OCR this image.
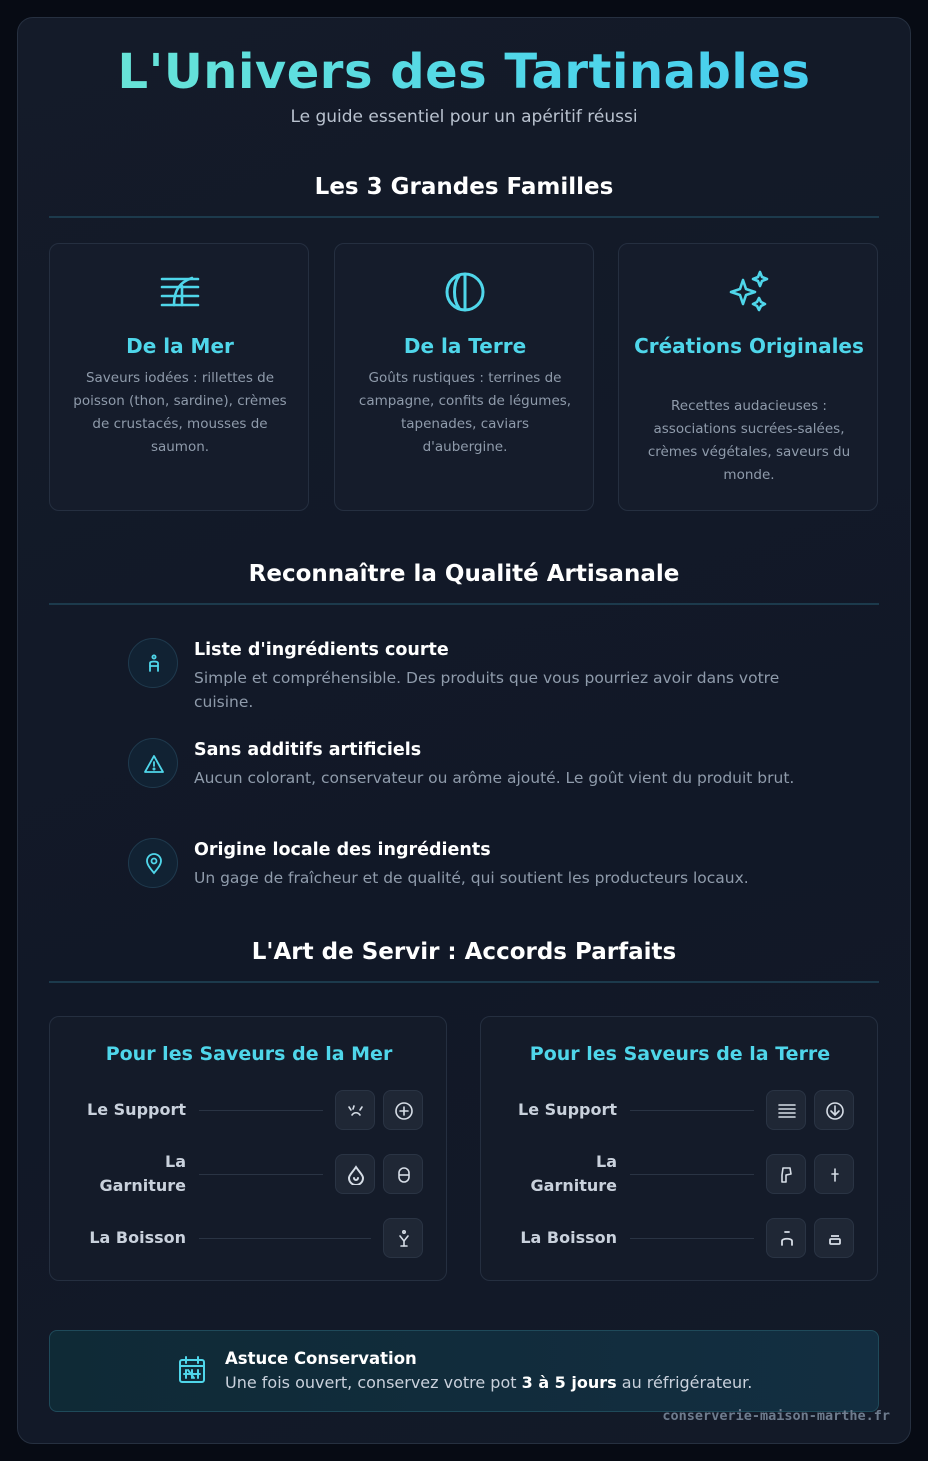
L'Univers des Tartinables

Le guide essentiel pour un apéritif réussi

Les 3 Grandes Familles
De la Mer
Saveurs iodées : rillettes de poisson (thon, sardine), crèmes de crustacés, mousses de saumon.
De la Terre
Goûts rustiques : terrines de campagne, confits de légumes, tapenades, caviars d'aubergine.
Créations Originales
Recettes audacieuses : associations sucrées-salées, crèmes végétales, saveurs du monde.
Reconnaître la Qualité Artisanale
Liste d'ingrédients courte
Simple et compréhensible. Des produits que vous pourriez avoir dans votre cuisine.
Sans additifs artificiels
Aucun colorant, conservateur ou arôme ajouté. Le goût vient du produit brut.
Origine locale des ingrédients
Un gage de fraîcheur et de qualité, qui soutient les producteurs locaux.
L'Art de Servir : Accords Parfaits
Pour les Saveurs de la Mer
Le Support
La Garniture
La Boisson
Pour les Saveurs de la Terre
Le Support
La Garniture
La Boisson
Astuce Conservation
Une fois ouvert, conservez votre pot 3 à 5 jours au réfrigérateur.
conserverie-maison-marthe.fr
